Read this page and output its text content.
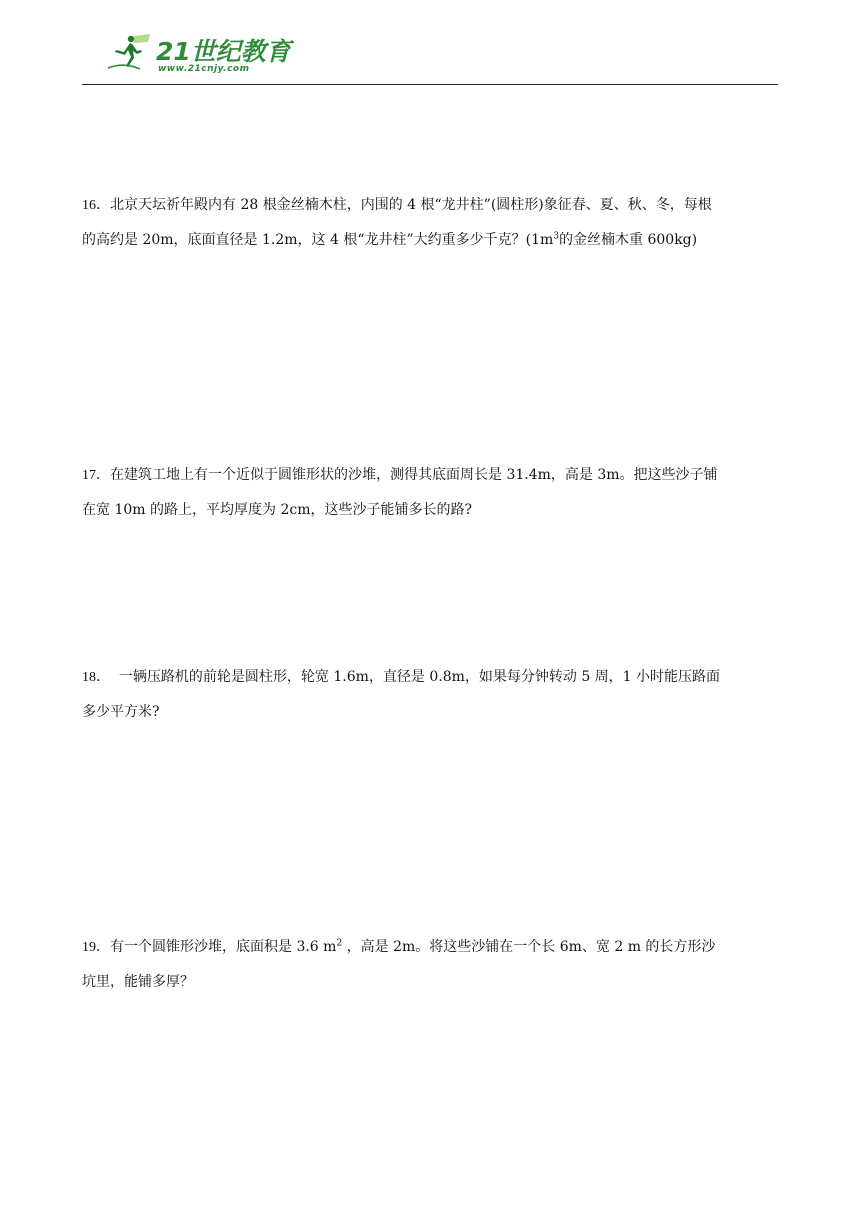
21世纪教育
www.21cnjy.com
16．北京天坛祈年殿内有 28 根金丝楠木柱，内围的 4 根“龙井柱”(圆柱形)象征春、夏、秋、冬，每根
的高约是 20m，底面直径是 1.2m，这 4 根“龙井柱”大约重多少千克？($1m^3$的金丝楠木重 600kg)
17．在建筑工地上有一个近似于圆锥形状的沙堆，测得其底面周长是 31.4m，高是 3m。把这些沙子铺
在宽 10m 的路上，平均厚度为 2cm，这些沙子能铺多长的路?
18．  一辆压路机的前轮是圆柱形，轮宽 1.6m，直径是 0.8m，如果每分钟转动 5 周，1 小时能压路面
多少平方米?
19．有一个圆锥形沙堆，底面积是 3.6 $m^2$ ，高是 2m。将这些沙铺在一个长 6m、宽 2 m 的长方形沙
坑里，能铺多厚？
